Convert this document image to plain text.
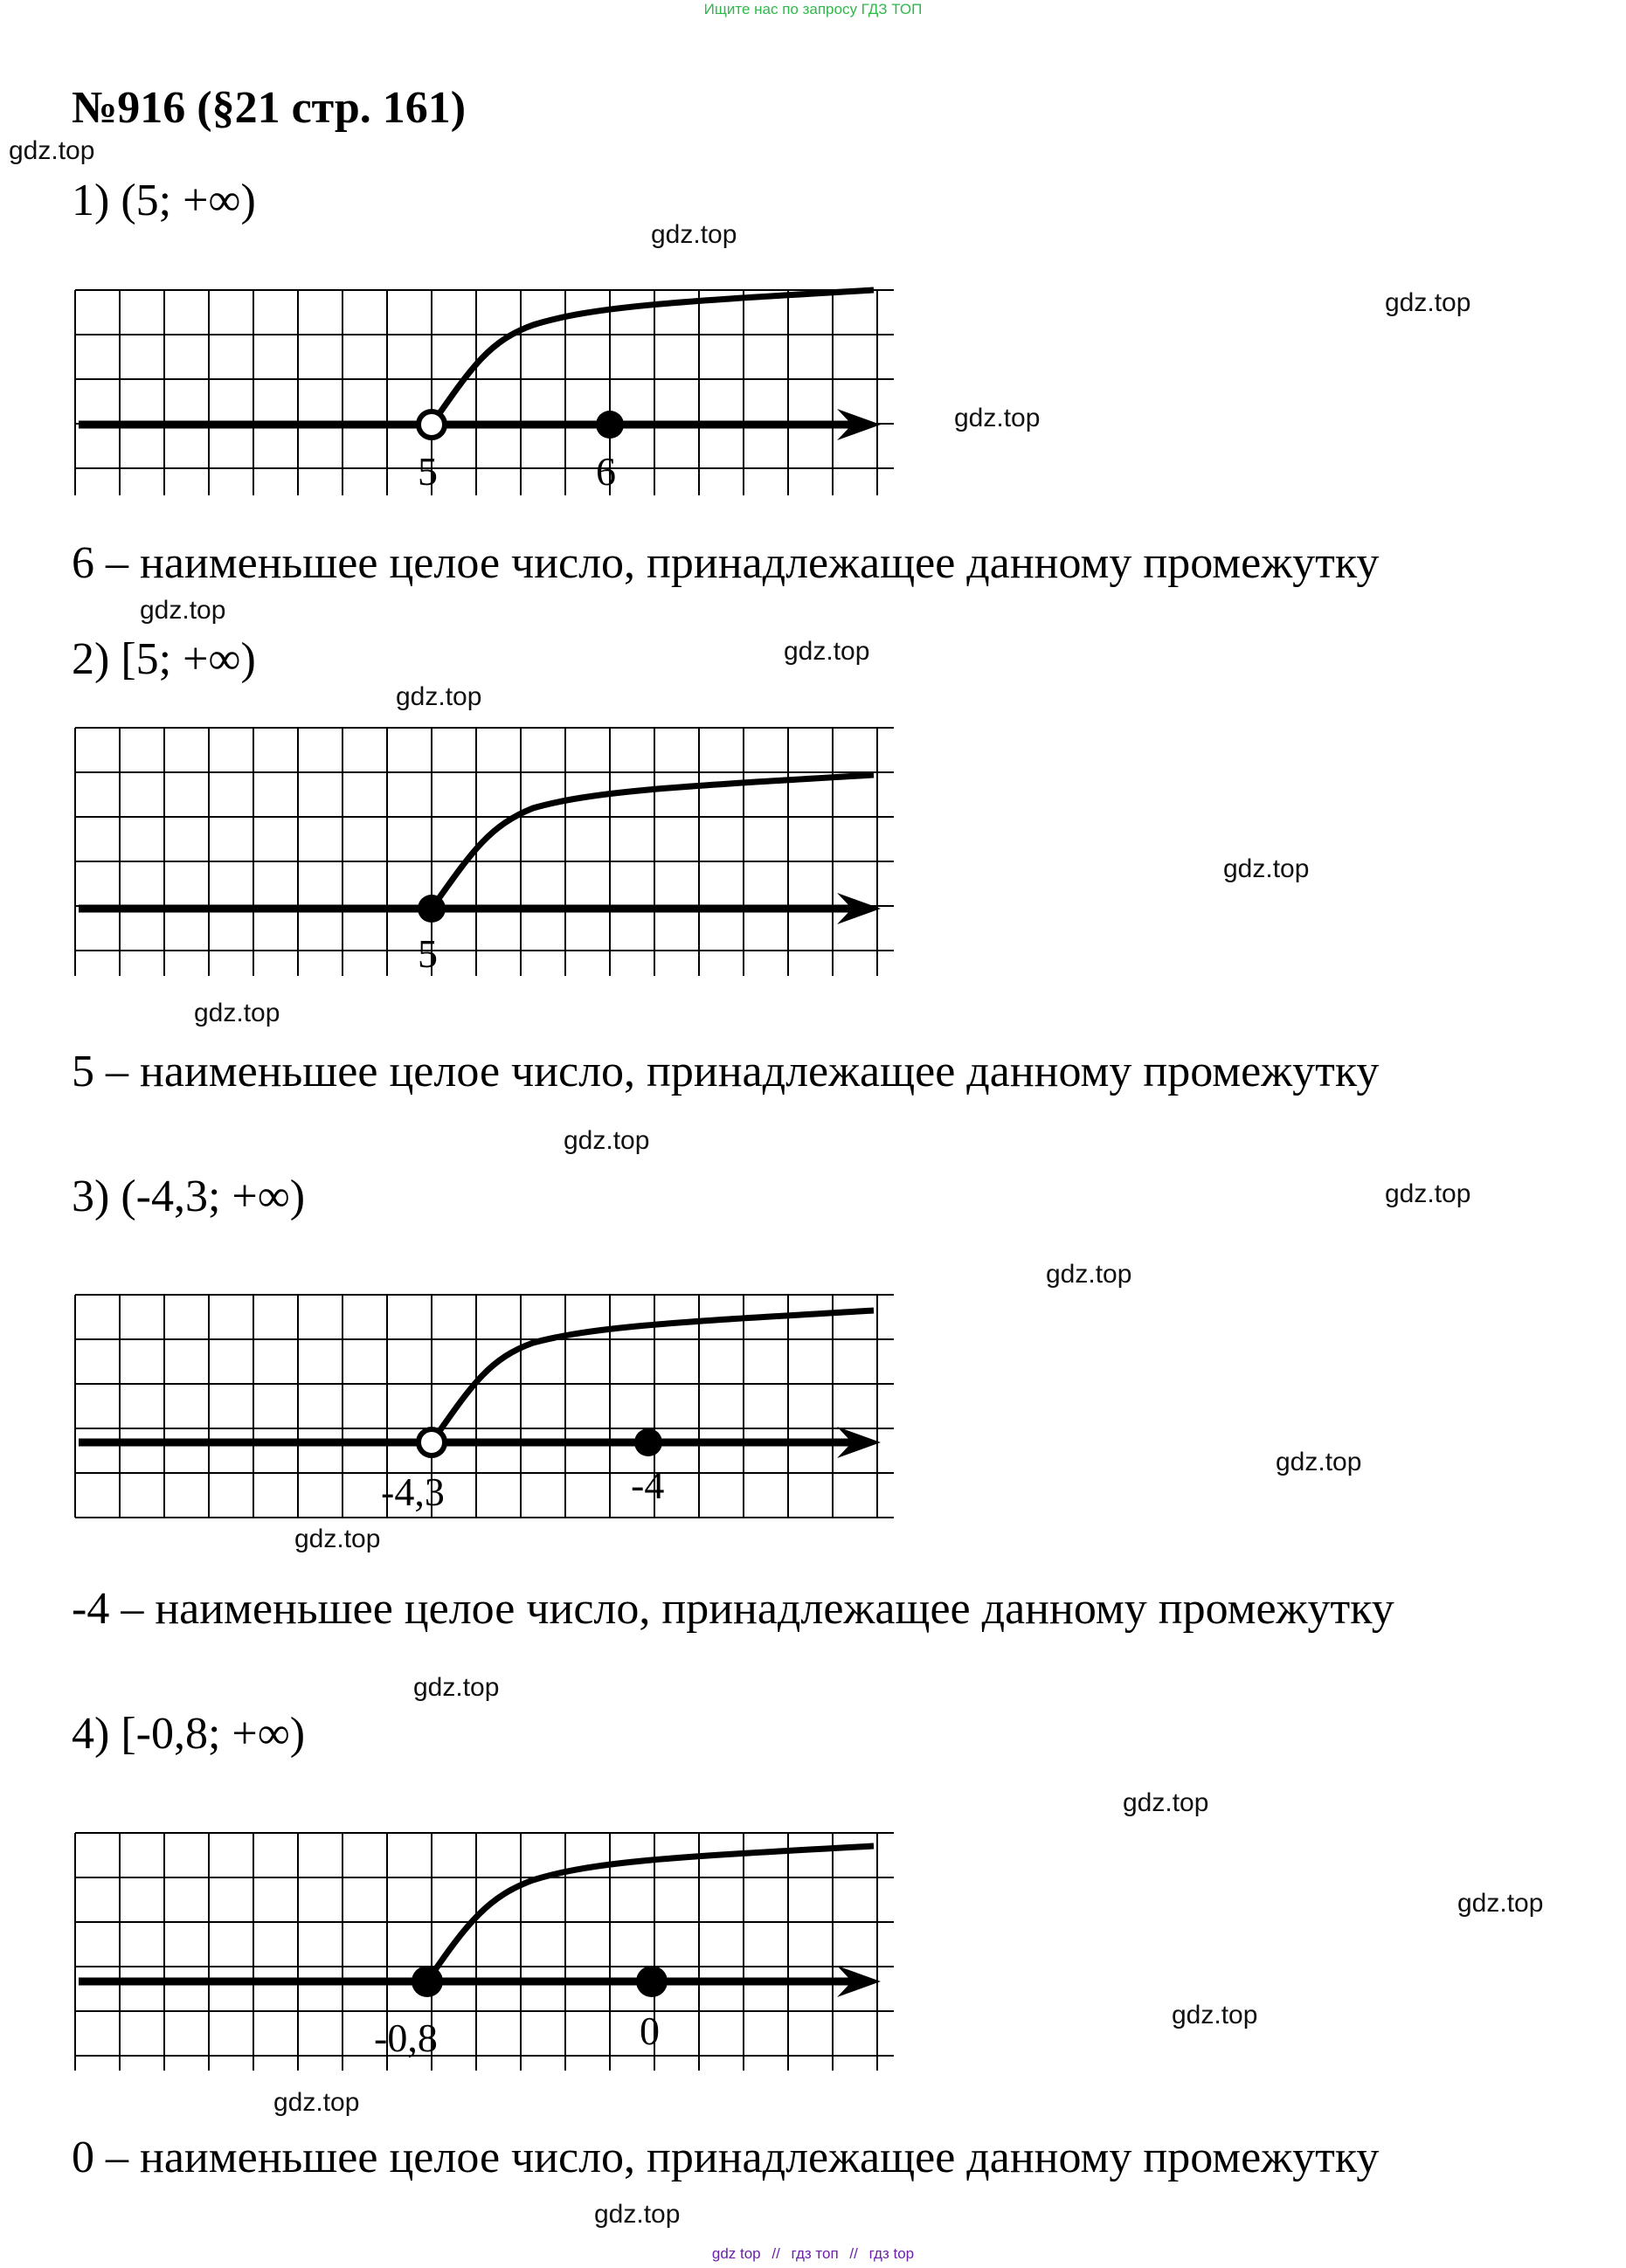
Ищите нас по запросу ГДЗ ТОП
№916 (§21 стр. 161)
1) (5; +∞)
5	6
6 – наименьшее целое число, принадлежащее данному промежутку
2) [5; +∞)
5
5 – наименьшее целое число, принадлежащее данному промежутку
3) (-4,3; +∞)
-4,3	-4
-4 – наименьшее целое число, принадлежащее данному промежутку
4) [-0,8; +∞)
-0,8	0
0 – наименьшее целое число, принадлежащее данному промежутку
gdz.top
gdz.top
gdz.top
gdz.top
gdz.top
gdz.top
gdz.top
gdz.top
gdz.top
gdz.top
gdz.top
gdz.top
gdz.top
gdz.top
gdz.top
gdz.top
gdz.top
gdz.top
gdz.top
gdz.top
gdz top // гдз топ // гдз top
